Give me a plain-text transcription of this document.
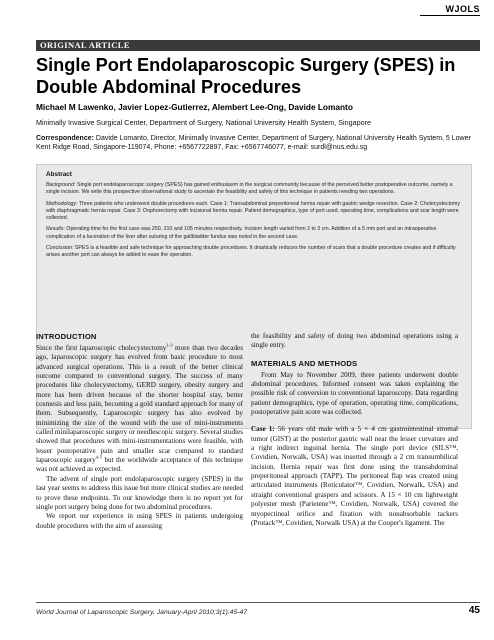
WJOLS
ORIGINAL ARTICLE
Single Port Endolaparoscopic Surgery (SPES) in Double Abdominal Procedures
Michael M Lawenko, Javier Lopez-Gutierrez, Alembert Lee-Ong, Davide Lomanto
Minimally Invasive Surgical Center, Department of Surgery, National University Health System, Singapore
Correspondence: Davide Lomanto, Director, Minimally Invasive Center, Department of Surgery, National University Health System, 5 Lower Kent Ridge Road, Singapore-119074, Phone: +6567722897, Fax: +6567746077, e-mail: surdl@nus.edu.sg
Abstract

Background: Single port endolaparoscopic surgery (SPES) has gained enthusiasm in the surgical community because of the perceived better postoperative outcome, namely a single incision. We write this prospective observational study to ascertain the feasibility and safety of this technique in patients needing two operations.

Methodology: Three patients who underwent double procedures each. Case 1: Transabdominal preperitoneal hernia repair with gastric wedge resection. Case 2: Cholecystectomy with diaphragmatic hernia repair. Case 3: Oophorectomy with incisional hernia repair. Patient demographics, type of port used, operating time, complications and scar length were collected.

Results: Operating time for the first case was 250, 210 and 105 minutes respectively. Incision length varied from 2 to 3 cm. Addition of a 5 mm port and an intraoperative complication of a laceration of the liver after suturing of the gallbladder fundus was noted in the second case.

Conclusion: SPES is a feasible and safe technique for approaching double procedures. It drastically reduces the number of scars that a double procedure creates and if difficulty arises another port can always be added to ease the operation.

INTRODUCTION

Since the first laparoscopic cholecystectomy$^{1-3}$ more than two decades ago, laparoscopic surgery has evolved from basic procedure to most advanced surgical operations. This is a result of the better clinical outcome compared to conventional surgery. The success of many procedures like cholecystectomy, GERD surgery, obesity surgery and more has been driven because of the shorter hospital stay, better cosmesis and less pain, becoming a gold standard approach for many of them. Subsequently, Laparoscopic surgery has also evolved by minimizing the size of the wound with the use of mini-instruments called minilaparoscopic surgery or needlescopic surgery. Several studies showed that procedures with mini-instrumentations were feasible, with lesser postoperative pain and smaller scar compared to standard laparoscopic surgery$^{4-5}$ but the worldwide acceptance of this technique was not achieved as expected.

The advent of single port endolaparoscopic surgery (SPES) in the last year seems to address this issue but more clinical studies are needed to prove these endpoints. To our knowledge there is no report yet for single port surgery being done for two abdominal procedures.

We report our experience in using SPES in patients undergoing double procedures with the aim of assessing

the feasibility and safety of doing two abdominal operations using a single entry.

MATERIALS AND METHODS

From May to November 2009, three patients underwent double abdominal procedures. Informed consent was taken explaining the possible risk of conversion to conventional laparoscopy. Data regarding patient demographics, type of operation, operating time, complications, postoperative pain score was collected.

Case 1: 56 years old male with a 5 × 4 cm gastrointestinal stromal tumor (GIST) at the posterior gastric wall near the lesser curvature and a right indirect inguinal hernia. The single port device (SILS™, Covidien, Norwalk, USA) was inserted through a 2 cm transumbilical incision. Hernia repair was first done using the transabdominal preperitoneal approach (TAPP). The peritoneal flap was created using articulated instruments (Roticulator™, Covidien, Norwalk, USA) and straight conventional graspers and scissors. A 15 × 10 cm lightweight polyester mesh (Parietene™, Covidien, Norwalk, USA) covered the myopectineal orifice and fixation with nonabsorbable tackers (Protack™, Covidien, Norwalk USA) at the Cooper's ligament. The

World Journal of Laparoscopic Surgery, January-April 2010;3(1):45-47	45
